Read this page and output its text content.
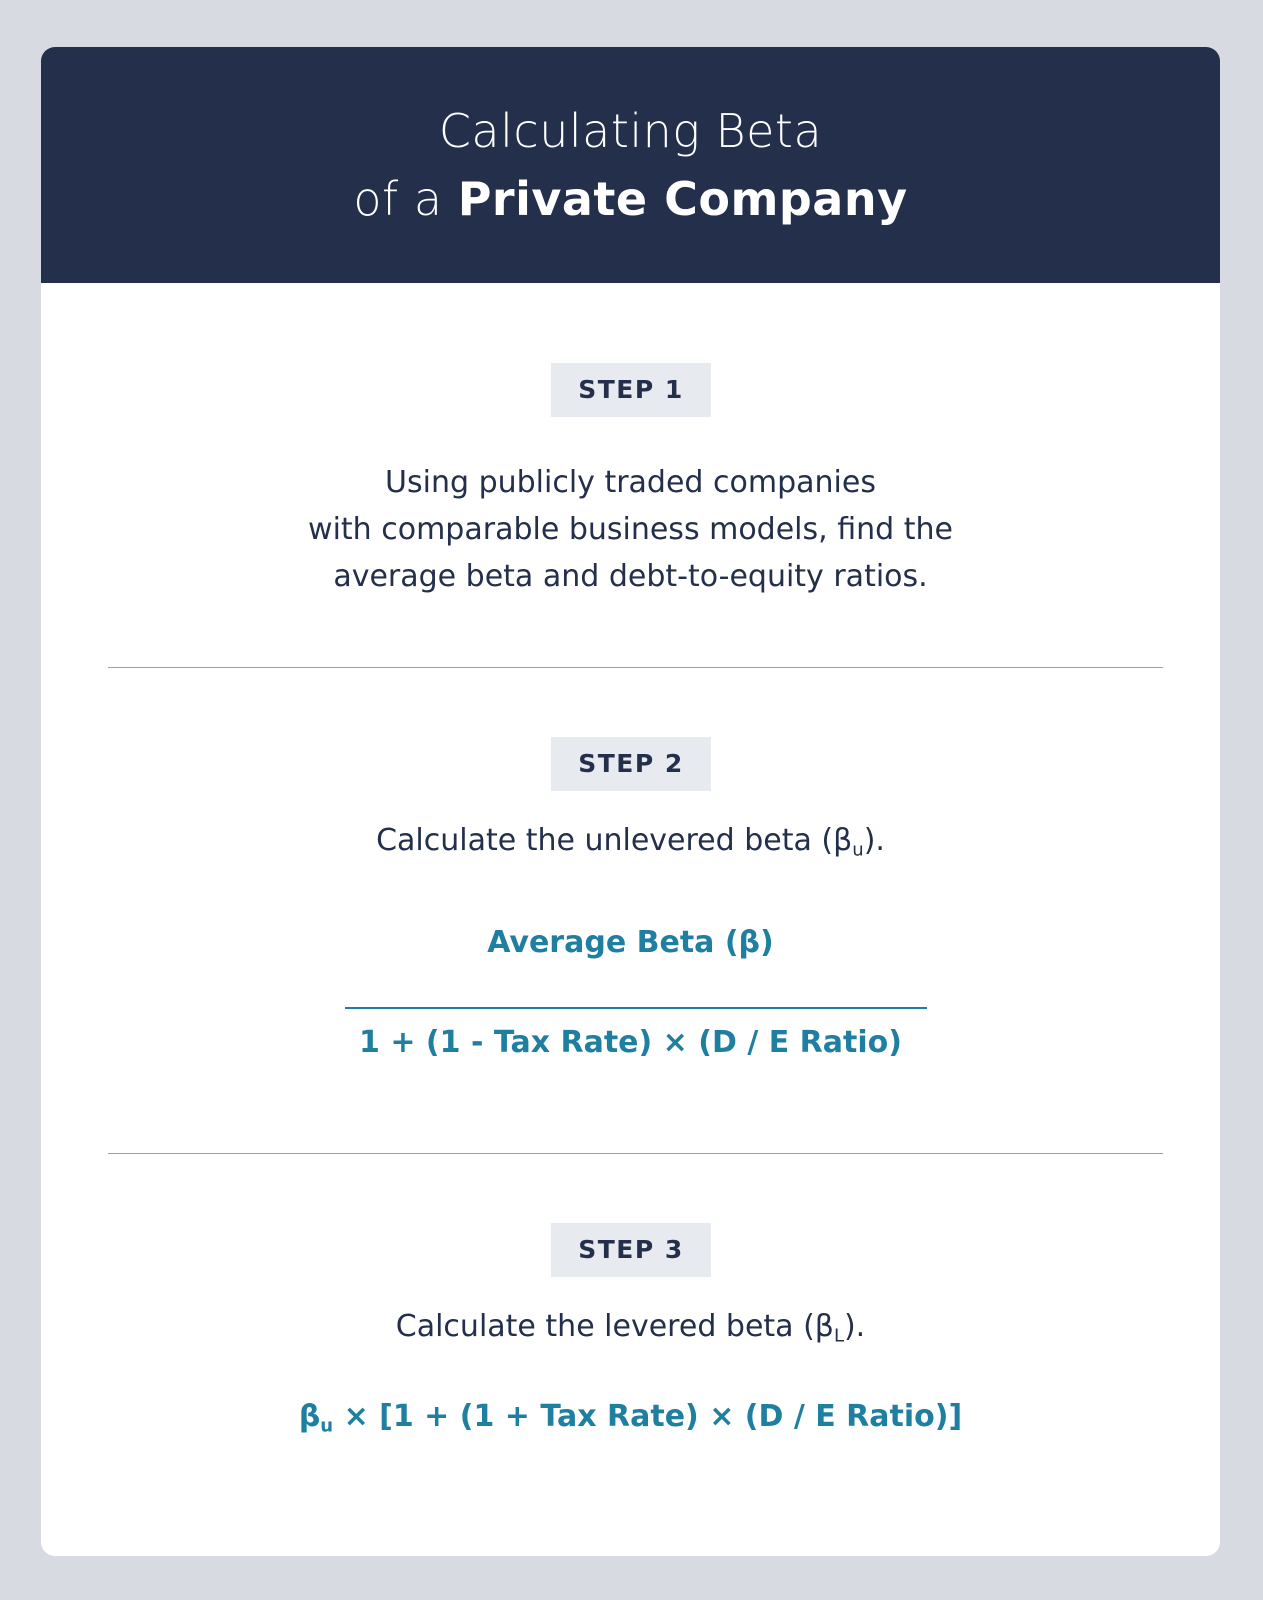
Calculating Beta
of a Private Company
STEP 1
Using publicly traded companies
with comparable business models, find the
average beta and debt-to-equity ratios.
STEP 2
Calculate the unlevered beta $(\beta_u)$.
Average Beta (β)
1 + (1 - Tax Rate) × (D / E Ratio)
STEP 3
Calculate the levered beta $(\beta_L)$.
$\beta_u \times [1 + (1$ + Tax Rate) × (D / E Ratio)]
